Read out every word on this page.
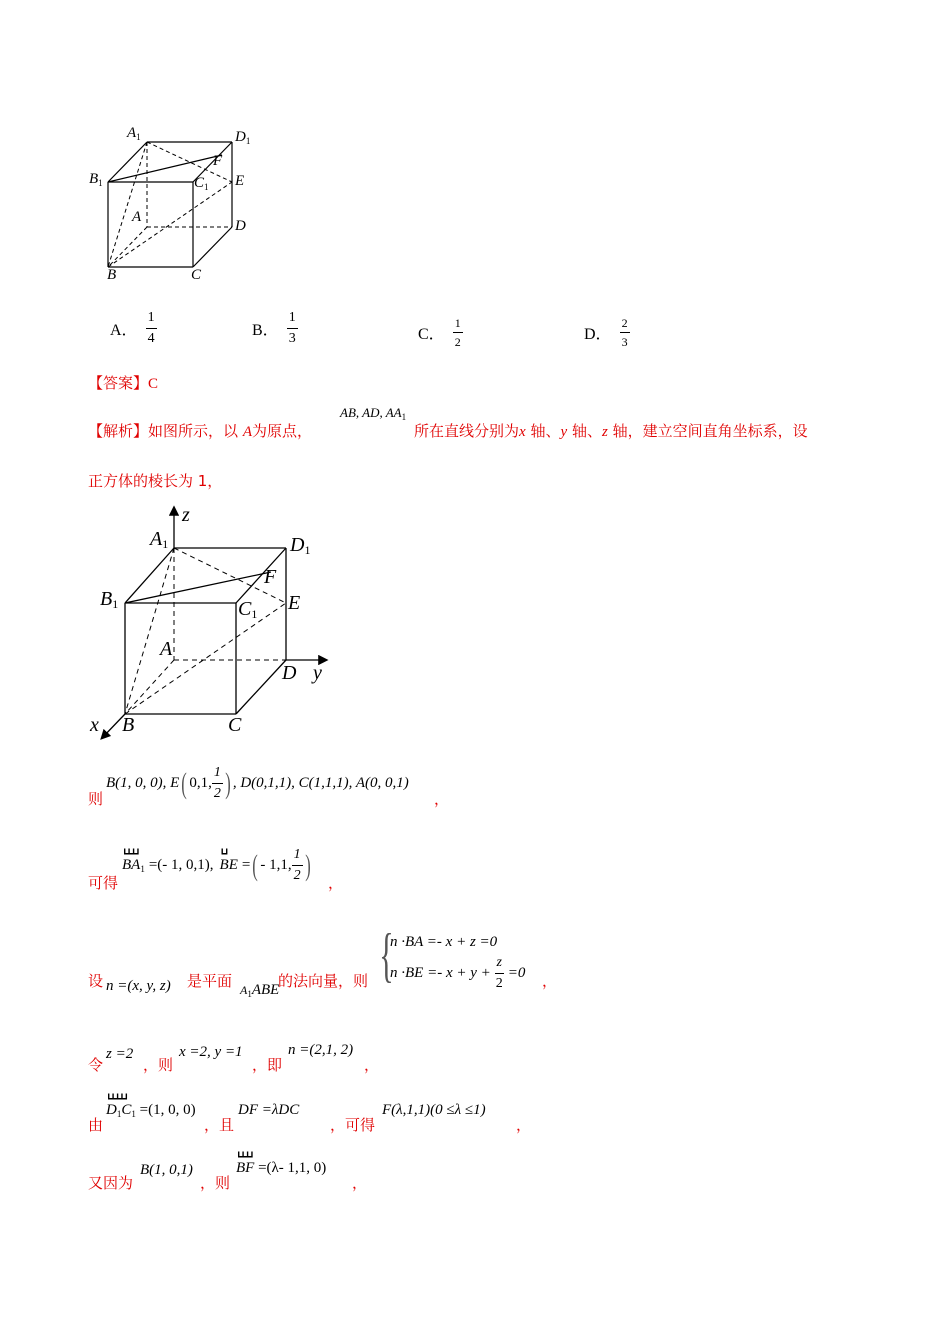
$A_1$	$D_1$
$B_1$
F
$C_1$ E
A
D
B	C
A． $\frac{1}{4}$	B． $\frac{1}{3}$	C． $\frac{1}{2}$	D． $\frac{2}{3}$
【答案】C
【解析】如图所示，以 A为原点，
AB, AD, $AA_1$
所在直线分别为x 轴、y 轴、z 轴，建立空间直角坐标系，设
正方体的棱长为 1，
z
$A_1$	$D_1$
$B_1$
F
$C_1$ E
A
D y
x B	C
则
B(1, 0, 0), E ( 0,1, $\frac{1}{2}$ ) , D(0,1,1), C(1,1,1), A(0, 0,1)
，
可得
┗┻┻┛
$BA_1$ =(- 1, 0,1),
┗┛
BE = ( - 1,1, $\frac{1}{2}$ )
，
设 n =(x, y, z) 是平面 $A_1ABE$
的法向量，则 {
n ·BA =- x + z =0
$n \cdot BE =- x + y + \frac{z}{2} =0$ ，
令
z =2
，则
x =2, y =1
，即
n =(2,1, 2)
，
由
┗┻┻┻┛
$D_1C_1 =(1$, 0, 0)
，且
DF =λDC
，可得
F(λ,1,1)(0 ≤λ ≤1)
，
又因为
B(1, 0,1)
，则
┗┻┻┛
BF =(λ- 1,1, 0)
，
